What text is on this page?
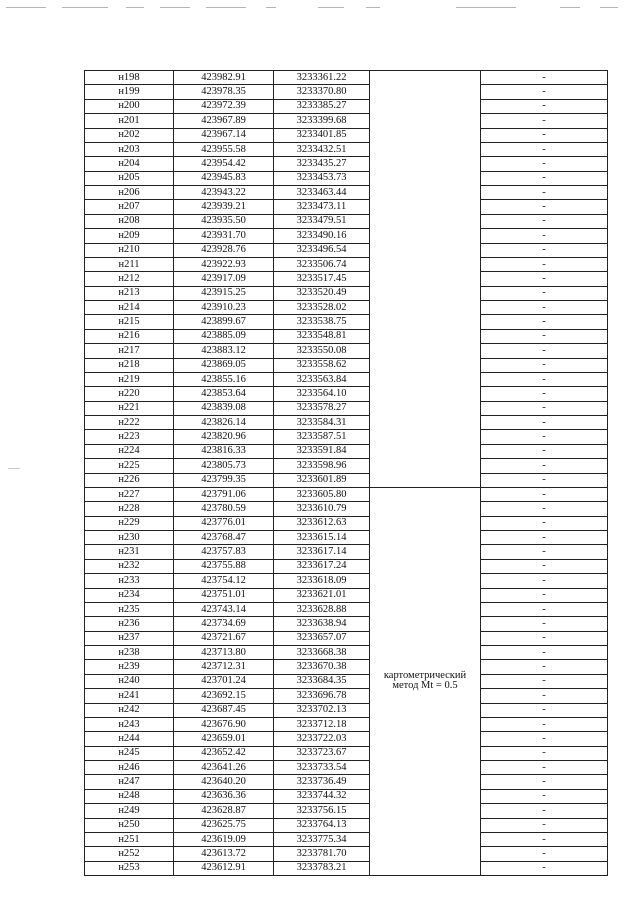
н198	423982.91	3233361.22		-
н199	423978.35	3233370.80		-
н200	423972.39	3233385.27		-
н201	423967.89	3233399.68		-
н202	423967.14	3233401.85		-
н203	423955.58	3233432.51		-
н204	423954.42	3233435.27		-
н205	423945.83	3233453.73		-
н206	423943.22	3233463.44		-
н207	423939.21	3233473.11		-
н208	423935.50	3233479.51		-
н209	423931.70	3233490.16		-
н210	423928.76	3233496.54		-
н211	423922.93	3233506.74		-
н212	423917.09	3233517.45		-
н213	423915.25	3233520.49		-
н214	423910.23	3233528.02		-
н215	423899.67	3233538.75		-
н216	423885.09	3233548.81		-
н217	423883.12	3233550.08		-
н218	423869.05	3233558.62		-
н219	423855.16	3233563.84		-
н220	423853.64	3233564.10		-
н221	423839.08	3233578.27		-
н222	423826.14	3233584.31		-
н223	423820.96	3233587.51		-
н224	423816.33	3233591.84		-
н225	423805.73	3233598.96		-
н226	423799.35	3233601.89		-
н227	423791.06	3233605.80	картометрический
метод Mt = 0.5	-
н228	423780.59	3233610.79		-
н229	423776.01	3233612.63		-
н230	423768.47	3233615.14		-
н231	423757.83	3233617.14		-
н232	423755.88	3233617.24		-
н233	423754.12	3233618.09		-
н234	423751.01	3233621.01		-
н235	423743.14	3233628.88		-
н236	423734.69	3233638.94		-
н237	423721.67	3233657.07		-
н238	423713.80	3233668.38		-
н239	423712.31	3233670.38		-
н240	423701.24	3233684.35		-
н241	423692.15	3233696.78		-
н242	423687.45	3233702.13		-
н243	423676.90	3233712.18		-
н244	423659.01	3233722.03		-
н245	423652.42	3233723.67		-
н246	423641.26	3233733.54		-
н247	423640.20	3233736.49		-
н248	423636.36	3233744.32		-
н249	423628.87	3233756.15		-
н250	423625.75	3233764.13		-
н251	423619.09	3233775.34		-
н252	423613.72	3233781.70		-
н253	423612.91	3233783.21		-
